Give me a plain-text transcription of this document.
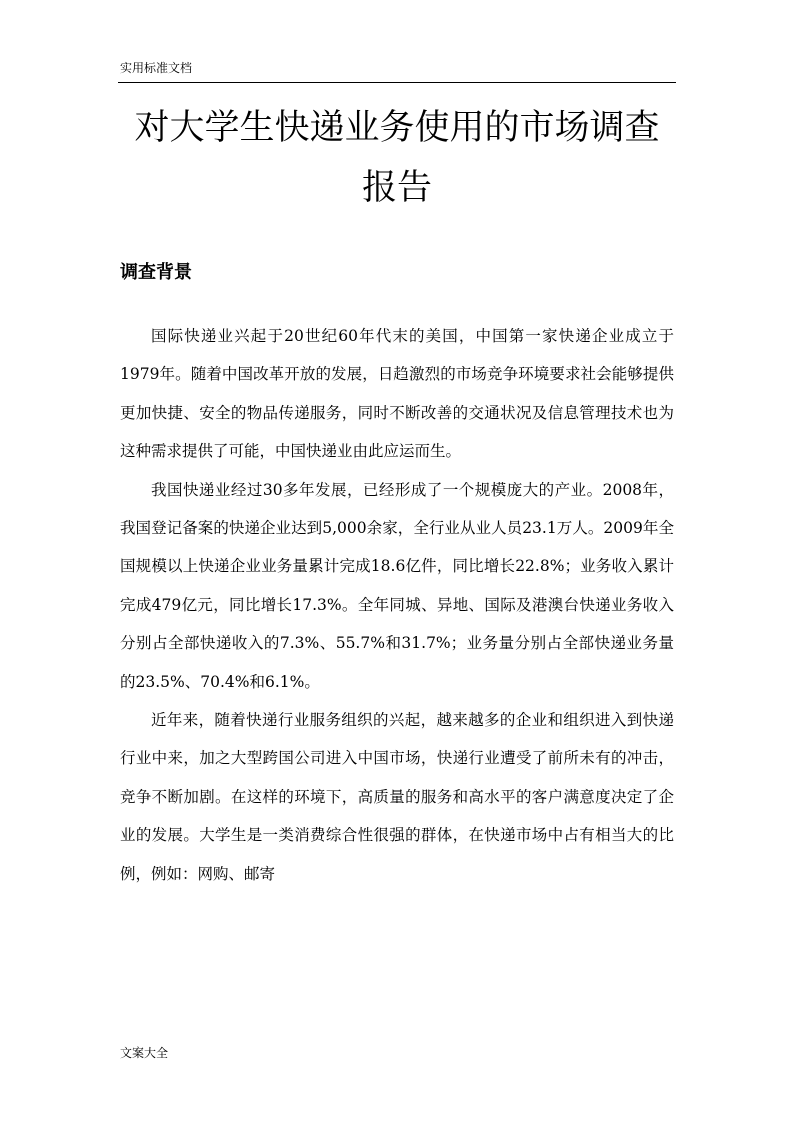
实用标准文档
对大学生快递业务使用的市场调查报告
调查背景

国际快递业兴起于20世纪60年代末的美国，中国第一家快递企业成立于1979年。随着中国改革开放的发展，日趋激烈的市场竞争环境要求社会能够提供更加快捷、安全的物品传递服务，同时不断改善的交通状况及信息管理技术也为这种需求提供了可能，中国快递业由此应运而生。

我国快递业经过30多年发展，已经形成了一个规模庞大的产业。2008年，我国登记备案的快递企业达到5,000余家，全行业从业人员23.1万人。2009年全国规模以上快递企业业务量累计完成18.6亿件，同比增长22.8%；业务收入累计完成479亿元，同比增长17.3%。全年同城、异地、国际及港澳台快递业务收入分别占全部快递收入的7.3%、55.7%和31.7%；业务量分别占全部快递业务量的23.5%、70.4%和6.1%。

近年来，随着快递行业服务组织的兴起，越来越多的企业和组织进入到快递行业中来，加之大型跨国公司进入中国市场，快递行业遭受了前所未有的冲击，竞争不断加剧。在这样的环境下，高质量的服务和高水平的客户满意度决定了企业的发展。大学生是一类消费综合性很强的群体，在快递市场中占有相当大的比例，例如：网购、邮寄

文案大全
